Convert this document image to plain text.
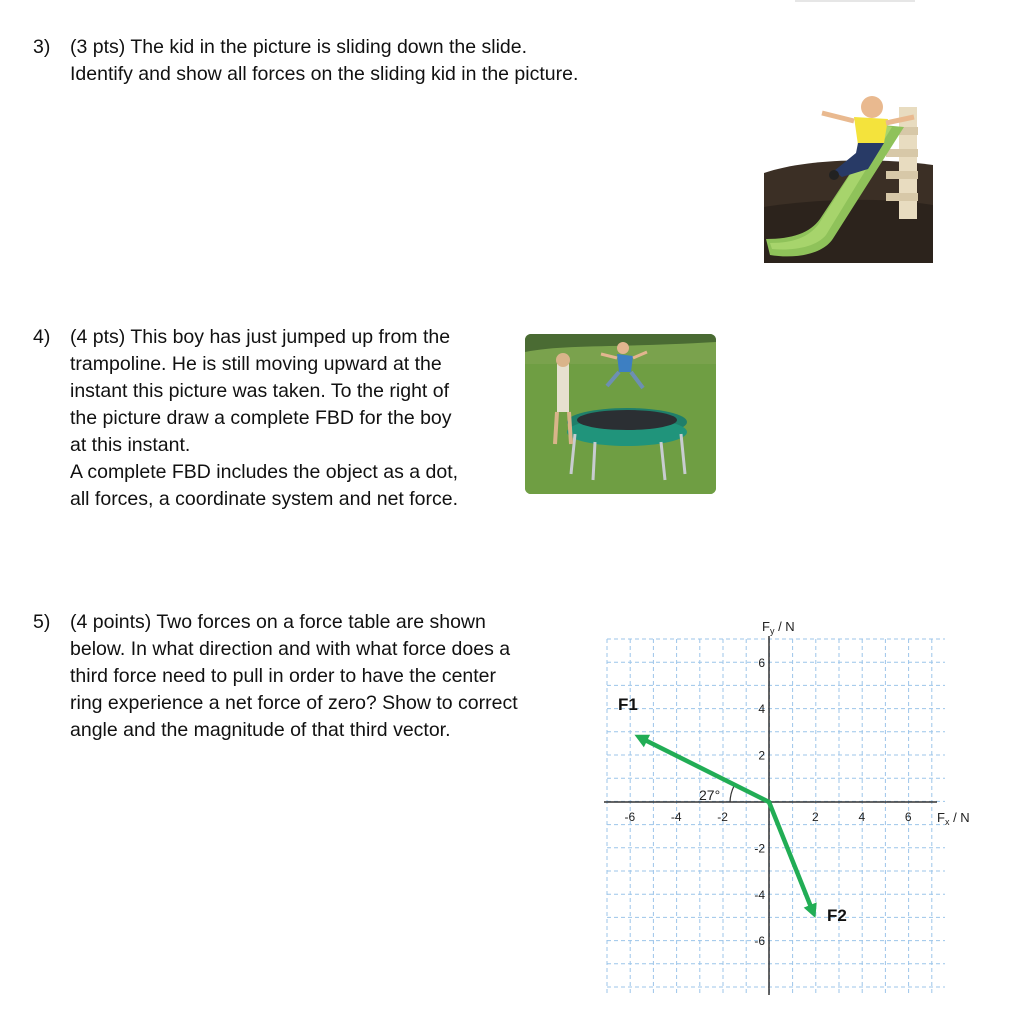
3) (3 pts) The kid in the picture is sliding down the slide.
Identify and show all forces on the sliding kid in the picture.
4) (4 pts) This boy has just jumped up from the
trampoline. He is still moving upward at the
instant this picture was taken. To the right of
the picture draw a complete FBD for the boy
at this instant.
A complete FBD includes the object as a dot,
all forces, a coordinate system and net force.
5) (4 points) Two forces on a force table are shown
below. In what direction and with what force does a
third force need to pull in order to have the center
ring experience a net force of zero? Show to correct
angle and the magnitude of that third vector.
-6	-4	-2	2	4	6
6
4
2
-2
-4
-6
$F_y$ / N
$F_x$ / N
27°
F1
F2
